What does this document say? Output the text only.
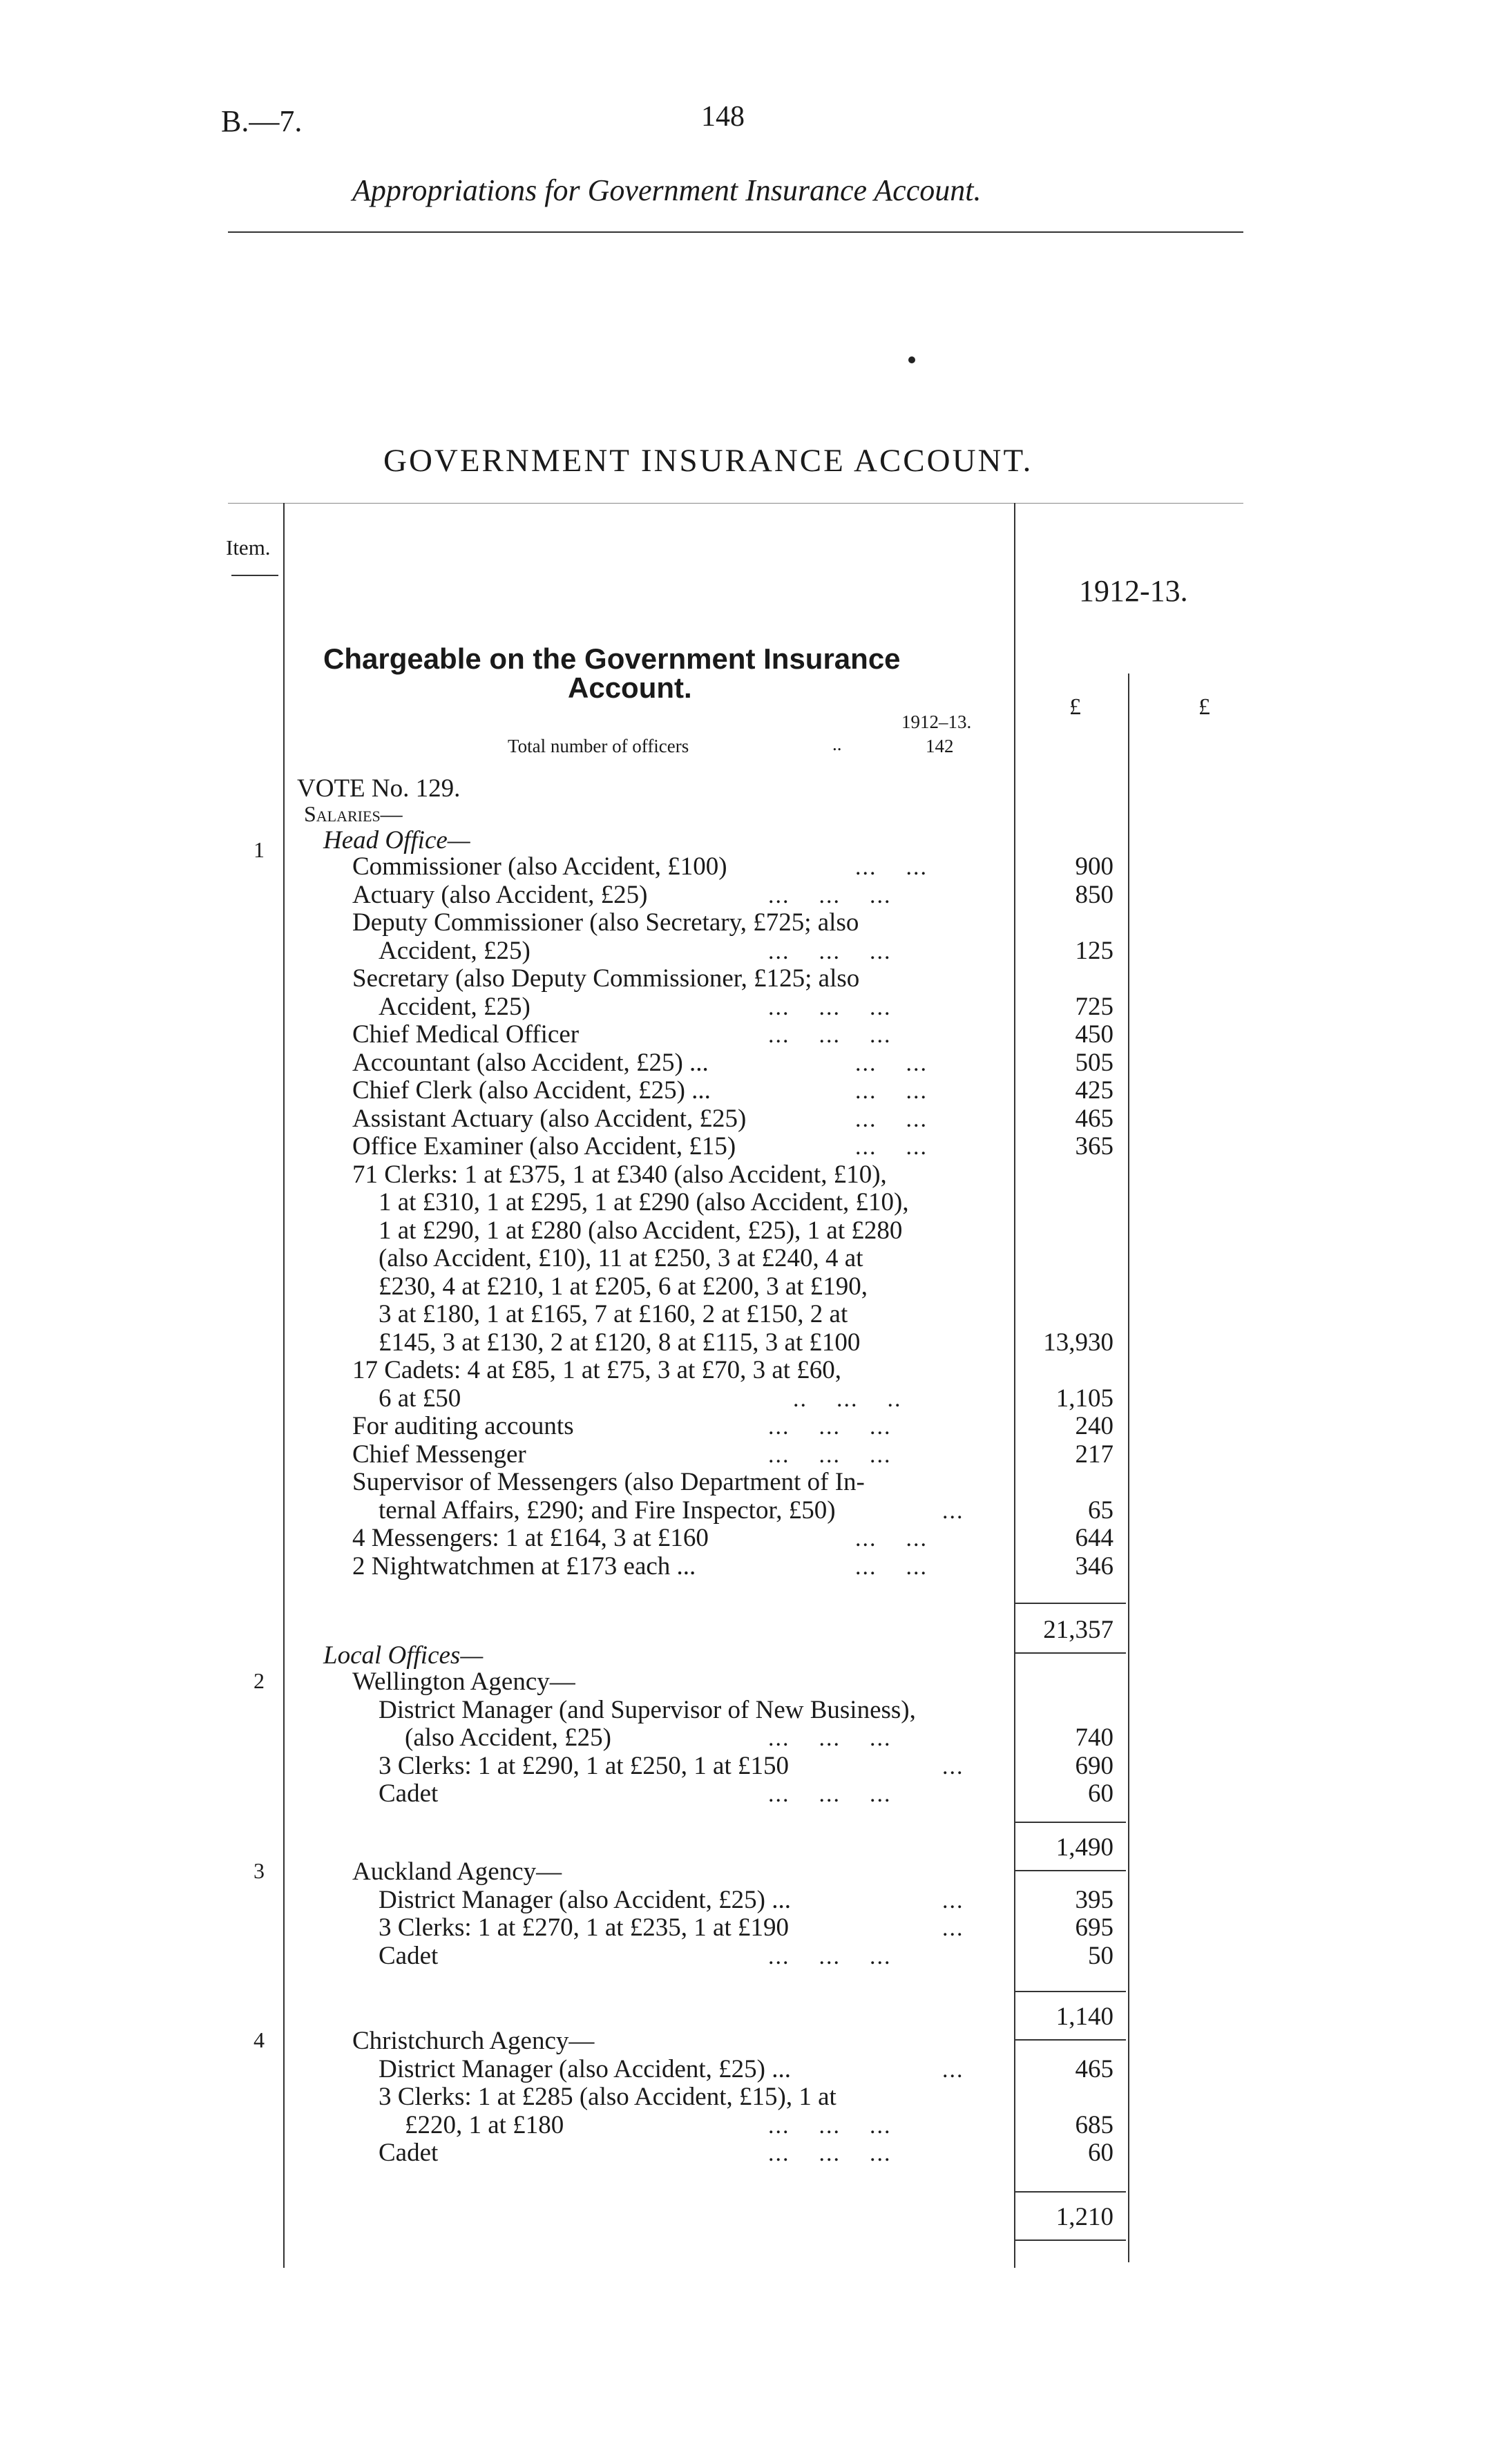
B.—7.	148
Appropriations for Government Insurance Account.
GOVERNMENT INSURANCE ACCOUNT.
Item.
1912-13.
£	£
Chargeable on the Government Insurance
Account.
1912–13.
Total number of officers	..	142
VOTE No. 129.
Salaries—
1	Head Office—
Commissioner (also Accident, £100)	...    ...	900
Actuary (also Accident, £25)	...    ...    ...	850
Deputy Commissioner (also Secretary, £725; also
Accident, £25)	...    ...    ...	125
Secretary (also Deputy Commissioner, £125; also
Accident, £25)	...    ...    ...	725
Chief Medical Officer	...    ...    ...	450
Accountant (also Accident, £25) ...	...    ...	505
Chief Clerk (also Accident, £25) ...	...    ...	425
Assistant Actuary (also Accident, £25)	...    ...	465
Office Examiner (also Accident, £15)	...    ...	365
71 Clerks: 1 at £375, 1 at £340 (also Accident, £10),
1 at £310, 1 at £295, 1 at £290 (also Accident, £10),
1 at £290, 1 at £280 (also Accident, £25), 1 at £280
(also Accident, £10), 11 at £250, 3 at £240, 4 at
£230, 4 at £210, 1 at £205, 6 at £200, 3 at £190,
3 at £180, 1 at £165, 7 at £160, 2 at £150, 2 at
£145, 3 at £130, 2 at £120, 8 at £115, 3 at £100	13,930
17 Cadets: 4 at £85, 1 at £75, 3 at £70, 3 at £60,
6 at £50	..    ...    ..	1,105
For auditing accounts	...    ...    ...	240
Chief Messenger	...    ...    ...	217
Supervisor of Messengers (also Department of In-
ternal Affairs, £290; and Fire Inspector, £50)	...	65
4 Messengers: 1 at £164, 3 at £160	...    ...	644
2 Nightwatchmen at £173 each ...	...    ...	346
21,357
Local Offices—
2	Wellington Agency—
District Manager (and Supervisor of New Business),
(also Accident, £25)	...    ...    ...	740
3 Clerks: 1 at £290, 1 at £250, 1 at £150	...	690
Cadet	...    ...    ...	60
1,490
3	Auckland Agency—
District Manager (also Accident, £25) ...	...	395
3 Clerks: 1 at £270, 1 at £235, 1 at £190	...	695
Cadet	...    ...    ...	50
1,140
4	Christchurch Agency—
District Manager (also Accident, £25) ...	...	465
3 Clerks: 1 at £285 (also Accident, £15), 1 at
£220, 1 at £180	...    ...    ...	685
Cadet	...    ...    ...	60
1,210
